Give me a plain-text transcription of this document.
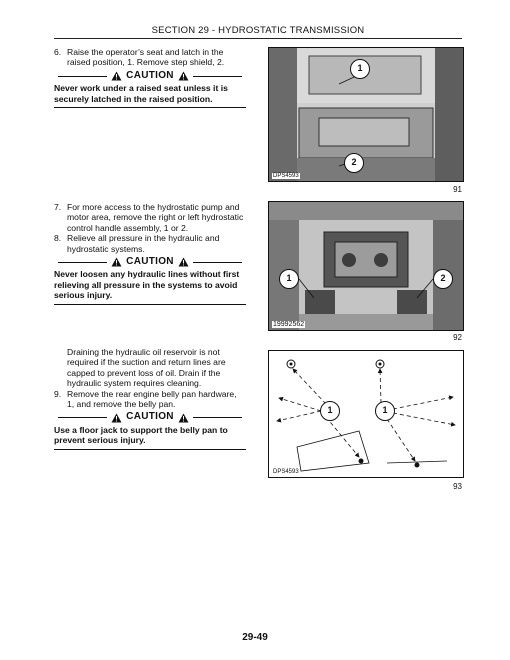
SECTION 29 - HYDROSTATIC TRANSMISSION
6. Raise the operator’s seat and latch in the raised position, 1. Remove step shield, 2.
CAUTION
Never work under a raised seat unless it is securely latched in the raised position.
1
2
DPS4593
91
7. For more access to the hydrostatic pump and motor area, remove the right or left hydrostatic control handle assembly, 1 or 2.
8. Relieve all pressure in the hydraulic and hydrostatic systems.
CAUTION
Never loosen any hydraulic lines without first relieving all pressure in the systems to avoid serious injury.
1	2
19992562
92
Draining the hydraulic oil reservoir is not required if the suction and return lines are capped to prevent loss of oil. Drain if the hydraulic system requires cleaning.
9. Remove the rear engine belly pan hardware, 1, and remove the belly pan.
CAUTION
Use a floor jack to support the belly pan to prevent serious injury.
1	1
DPS4593
93
29-49
